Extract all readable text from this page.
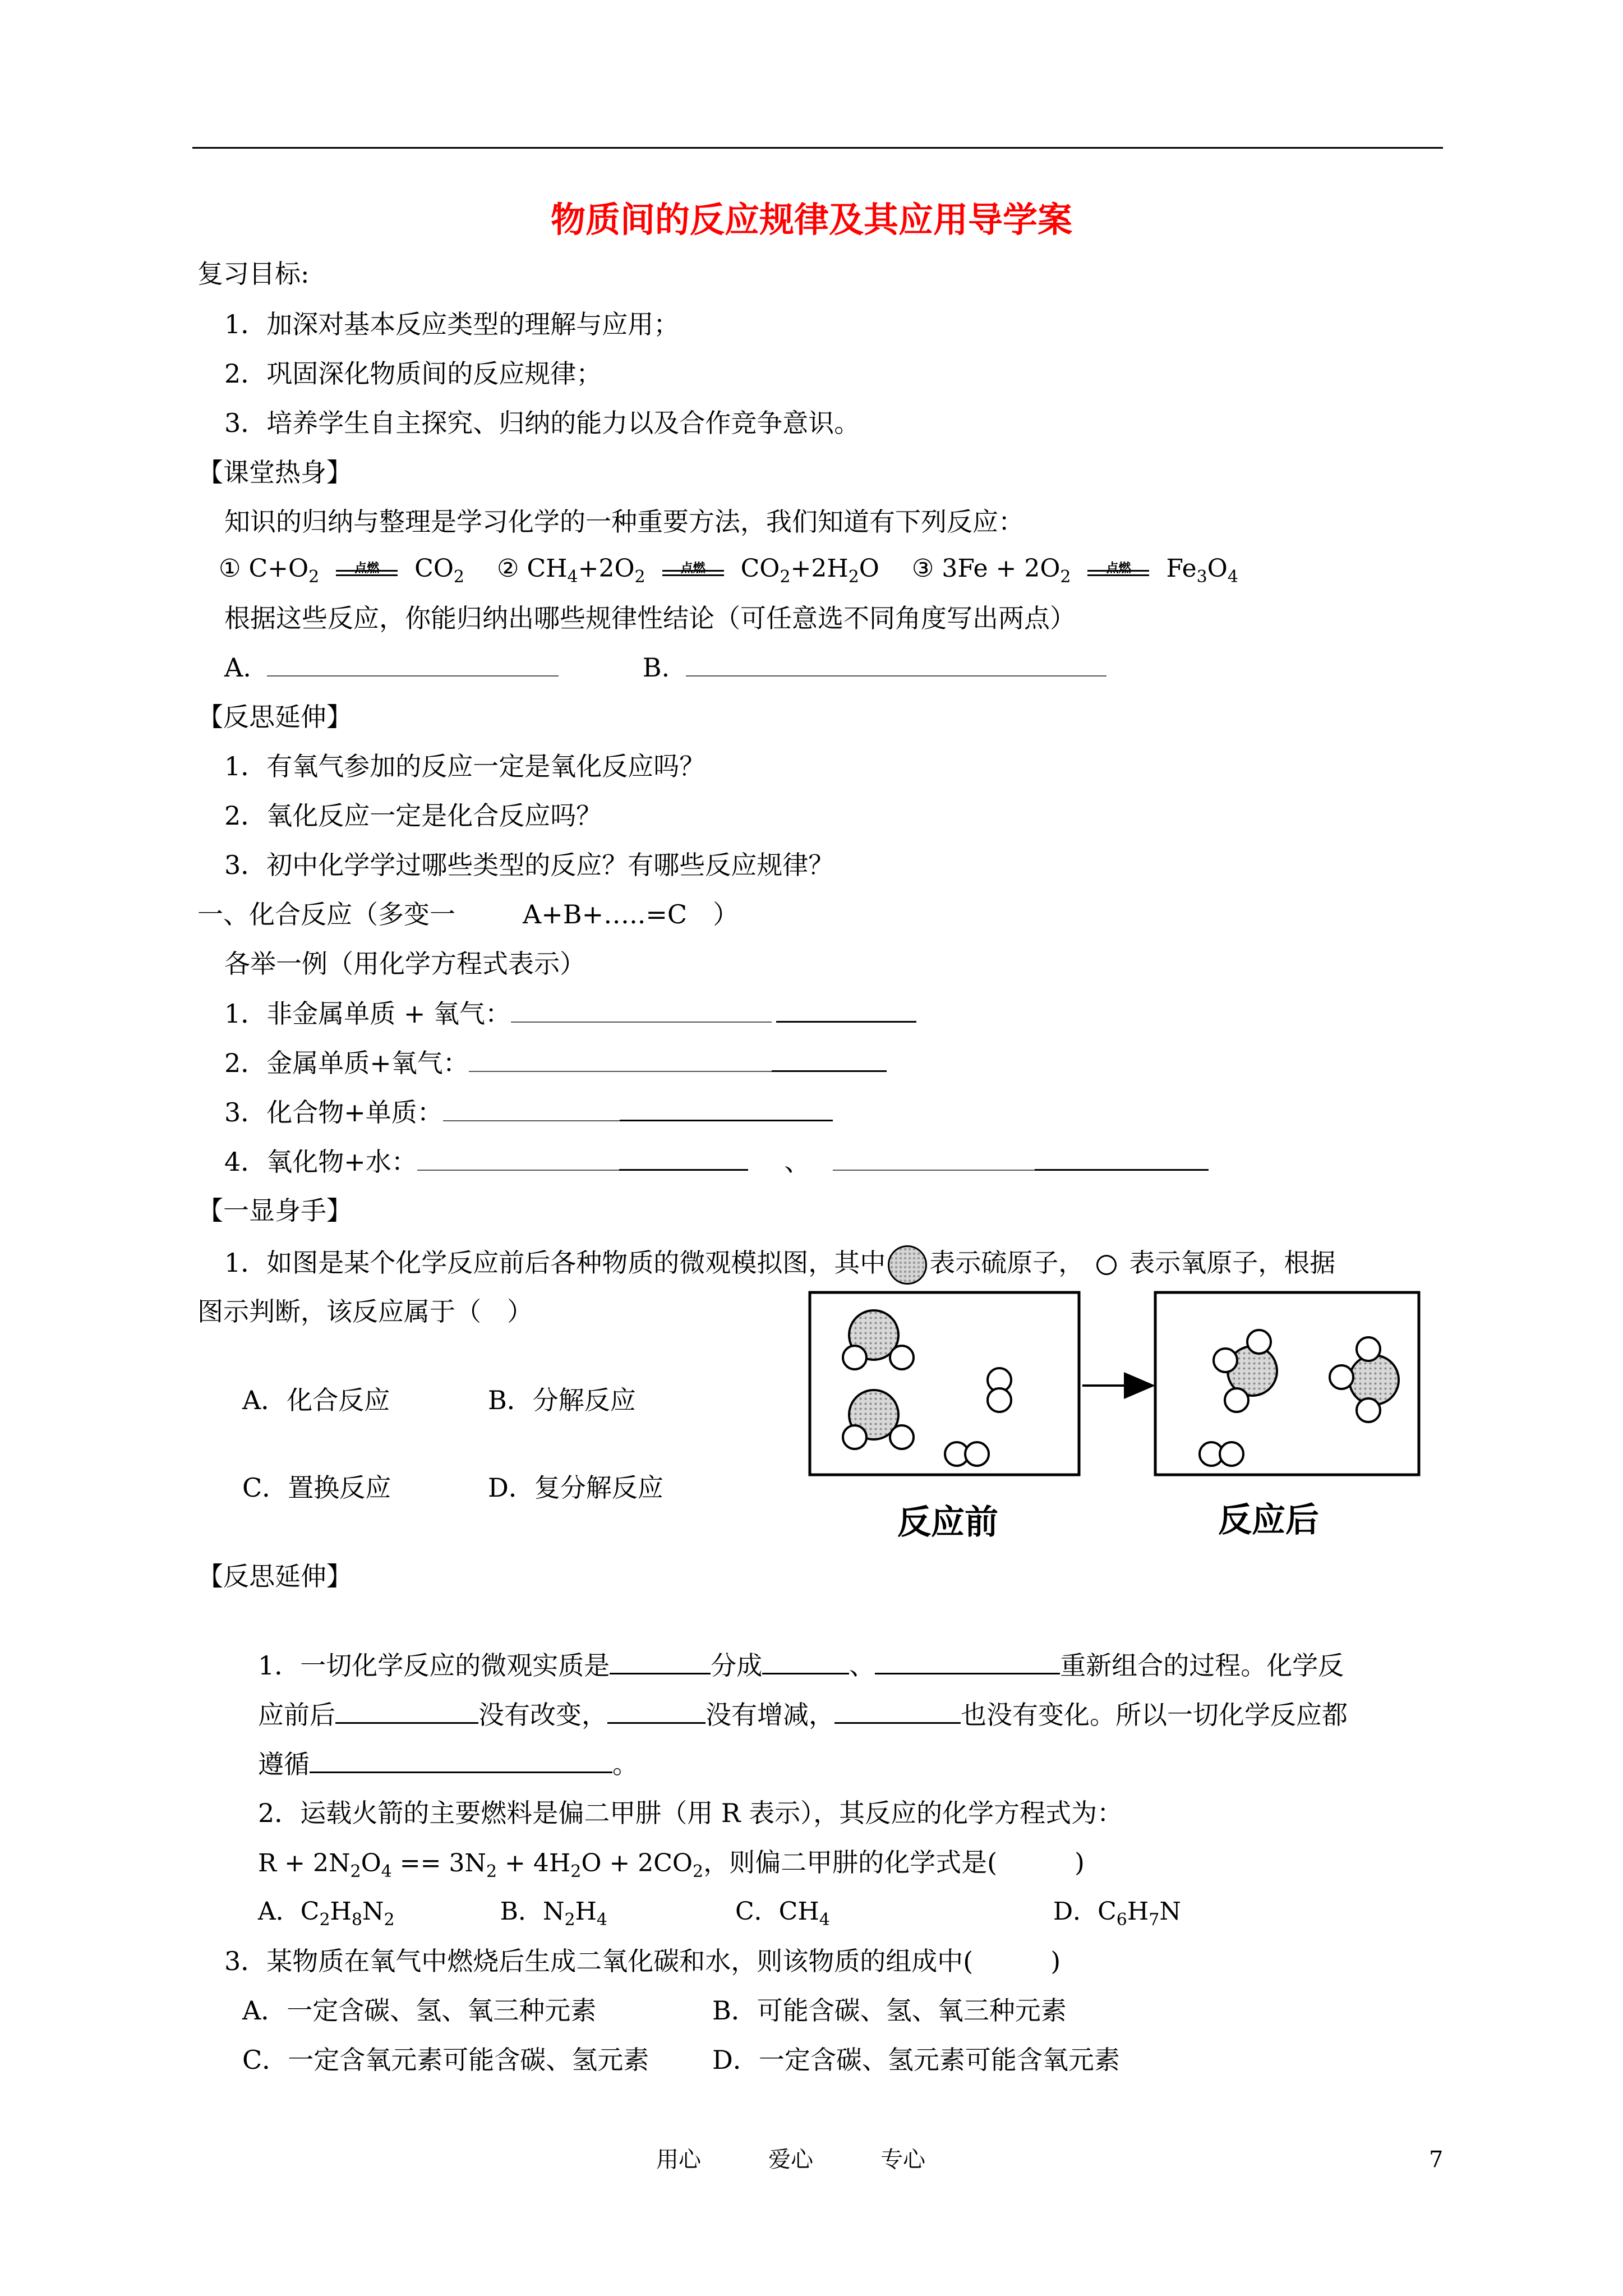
物质间的反应规律及其应用导学案
复习目标:
1．加深对基本反应类型的理解与应用；
2．巩固深化物质间的反应规律；
3．培养学生自主探究、归纳的能力以及合作竞争意识。
【课堂热身】
知识的归纳与整理是学习化学的一种重要方法，我们知道有下列反应：
① $C+O_2$	点燃	$CO_2$ ② $CH_4+2O_2$	点燃	$CO_2+2H_2O$ ③ $3Fe + 2O_2$	点燃	$Fe_3O_4$
根据这些反应，你能归纳出哪些规律性结论（可任意选不同角度写出两点）
A.	B.
【反思延伸】
1．有氧气参加的反应一定是氧化反应吗？
2．氧化反应一定是化合反应吗？
3．初中化学学过哪些类型的反应？有哪些反应规律？
一、化合反应（多变一	A+B+…..=C　）
各举一例（用化学方程式表示）
1．非金属单质 + 氧气：
2．金属单质+氧气：
3．化合物+单质：
4．氧化物+水：	、
【一显身手】
1．如图是某个化学反应前后各种物质的微观模拟图，其中 表示硫原子， 表示氧原子，根据
图示判断，该反应属于（　）
A．化合反应	B．分解反应
C．置换反应	D．复分解反应
反应前	反应后
【反思延伸】
1．一切化学反应的微观实质是	分成	、	重新组合的过程。化学反
应前后	没有改变，	没有增减，	也没有变化。所以一切化学反应都
遵循	。
2．运载火箭的主要燃料是偏二甲肼（用 R 表示），其反应的化学方程式为：
$R + 2N_2O_4 == 3N_2 + 4H_2O + 2CO_2$，则偏二甲肼的化学式是(　　　)
A．$C_2H_8N_2$	B．$N_2H_4$	C．$CH_4$	D．$C_6H_7N$
3．某物质在氧气中燃烧后生成二氧化碳和水，则该物质的组成中(　　　)
A．一定含碳、氢、氧三种元素	B．可能含碳、氢、氧三种元素
C．一定含氧元素可能含碳、氢元素 D．一定含碳、氢元素可能含氧元素
用心	爱心	专心	7
